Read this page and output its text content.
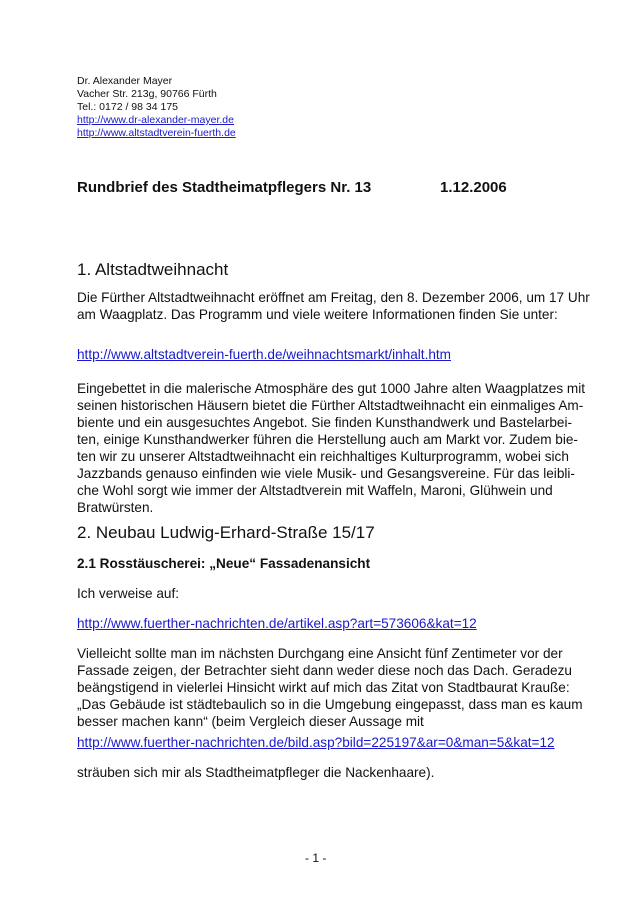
Dr. Alexander Mayer
Vacher Str. 213g, 90766 Fürth
Tel.: 0172 / 98 34 175
http://www.dr-alexander-mayer.de
http://www.altstadtverein-fuerth.de
Rundbrief des Stadtheimatpflegers Nr. 13	1.12.2006
1. Altstadtweihnacht
Die Fürther Altstadtweihnacht eröffnet am Freitag, den 8. Dezember 2006, um 17 Uhr
am Waagplatz. Das Programm und viele weitere Informationen finden Sie unter:
http://www.altstadtverein-fuerth.de/weihnachtsmarkt/inhalt.htm
Eingebettet in die malerische Atmosphäre des gut 1000 Jahre alten Waagplatzes mit
seinen historischen Häusern bietet die Fürther Altstadtweihnacht ein einmaliges Am-
biente und ein ausgesuchtes Angebot. Sie finden Kunsthandwerk und Bastelarbei-
ten, einige Kunsthandwerker führen die Herstellung auch am Markt vor. Zudem bie-
ten wir zu unserer Altstadtweihnacht ein reichhaltiges Kulturprogramm, wobei sich
Jazzbands genauso einfinden wie viele Musik- und Gesangsvereine. Für das leibli-
che Wohl sorgt wie immer der Altstadtverein mit Waffeln, Maroni, Glühwein und
Bratwürsten.
2. Neubau Ludwig-Erhard-Straße 15/17
2.1 Rosstäuscherei: „Neue“ Fassadenansicht
Ich verweise auf:
http://www.fuerther-nachrichten.de/artikel.asp?art=573606&kat=12
Vielleicht sollte man im nächsten Durchgang eine Ansicht fünf Zentimeter vor der
Fassade zeigen, der Betrachter sieht dann weder diese noch das Dach. Geradezu
beängstigend in vielerlei Hinsicht wirkt auf mich das Zitat von Stadtbaurat Kraußе:
„Das Gebäude ist städtebaulich so in die Umgebung eingepasst, dass man es kaum
besser machen kann“ (beim Vergleich dieser Aussage mit
http://www.fuerther-nachrichten.de/bild.asp?bild=225197&ar=0&man=5&kat=12
sträuben sich mir als Stadtheimatpfleger die Nackenhaare).
- 1 -
